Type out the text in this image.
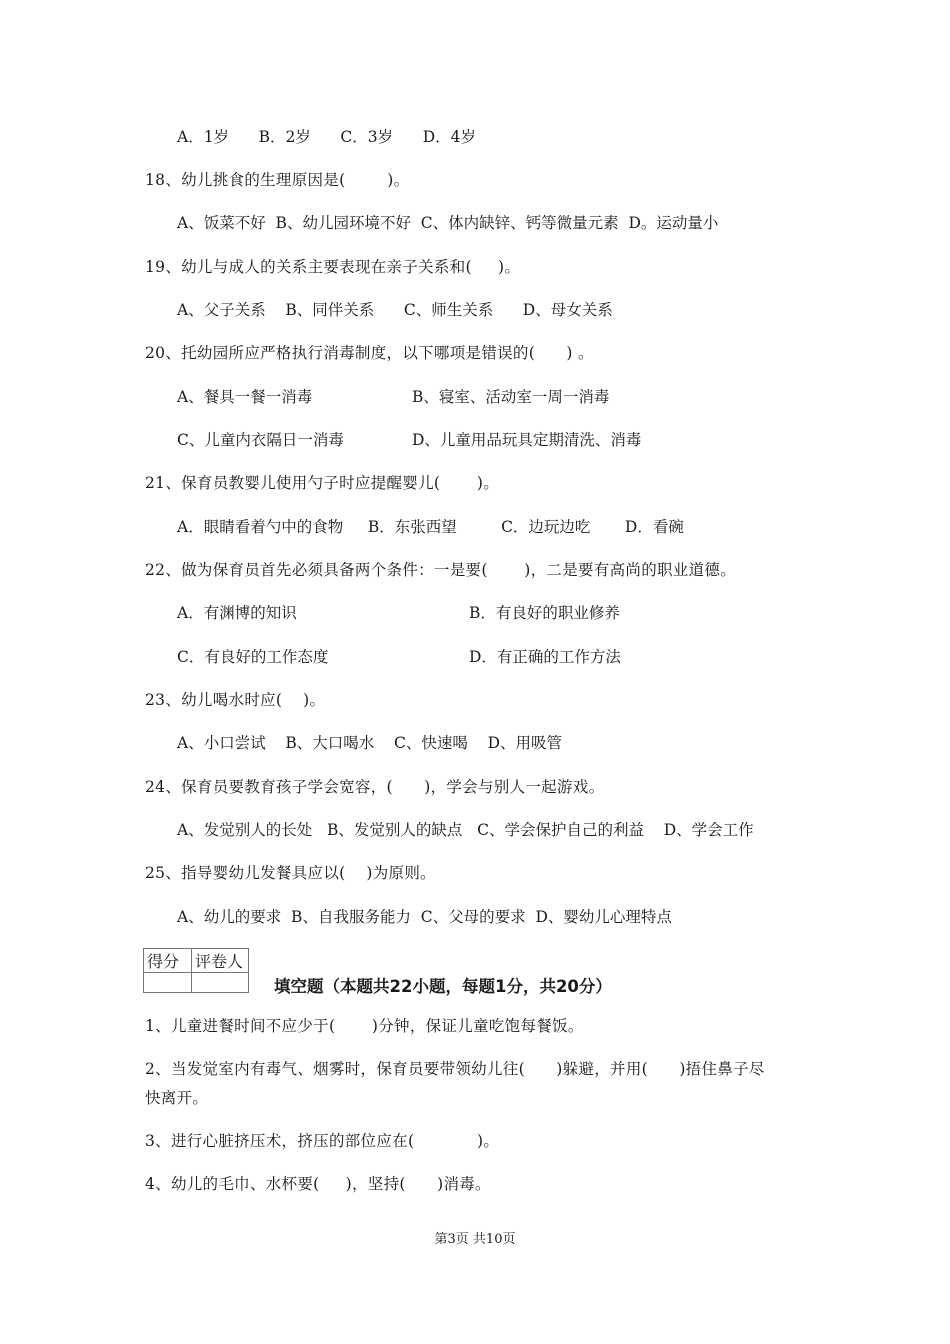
A．1岁      B．2岁      C．3岁      D．4岁
18、幼儿挑食的生理原因是(        )。
A、饭菜不好  B、幼儿园环境不好  C、体内缺锌、钙等微量元素  D。运动量小
19、幼儿与成人的关系主要表现在亲子关系和(     )。
A、父子关系    B、同伴关系      C、师生关系      D、母女关系
20、托幼园所应严格执行消毒制度，以下哪项是错误的(      ) 。
A、餐具一餐一消毒	B、寝室、活动室一周一消毒
C、儿童内衣隔日一消毒	D、儿童用品玩具定期清洗、消毒
21、保育员教婴儿使用勺子时应提醒婴儿(       )。
A．眼睛看着勺中的食物     B．东张西望         C．边玩边吃       D．看碗
22、做为保育员首先必须具备两个条件：一是要(       )，二是要有高尚的职业道德。
A．有渊博的知识	B．有良好的职业修养
C．有良好的工作态度	D．有正确的工作方法
23、幼儿喝水时应(    )。
A、小口尝试    B、大口喝水    C、快速喝    D、用吸管
24、保育员要教育孩子学会宽容，(      )，学会与别人一起游戏。
A、发觉别人的长处   B、发觉别人的缺点   C、学会保护自己的利益    D、学会工作
25、指导婴幼儿发餐具应以(    )为原则。
A、幼儿的要求  B、自我服务能力  C、父母的要求  D、婴幼儿心理特点
得分	评卷人

填空题（本题共22小题，每题1分，共20分）
1、儿童进餐时间不应少于(       )分钟，保证儿童吃饱每餐饭。
2、当发觉室内有毒气、烟雾时，保育员要带领幼儿往(      )躲避，并用(      )捂住鼻子尽
快离开。
3、进行心脏挤压术，挤压的部位应在(            )。
4、幼儿的毛巾、水杯要(     )，坚持(      )消毒。
第3页 共10页
